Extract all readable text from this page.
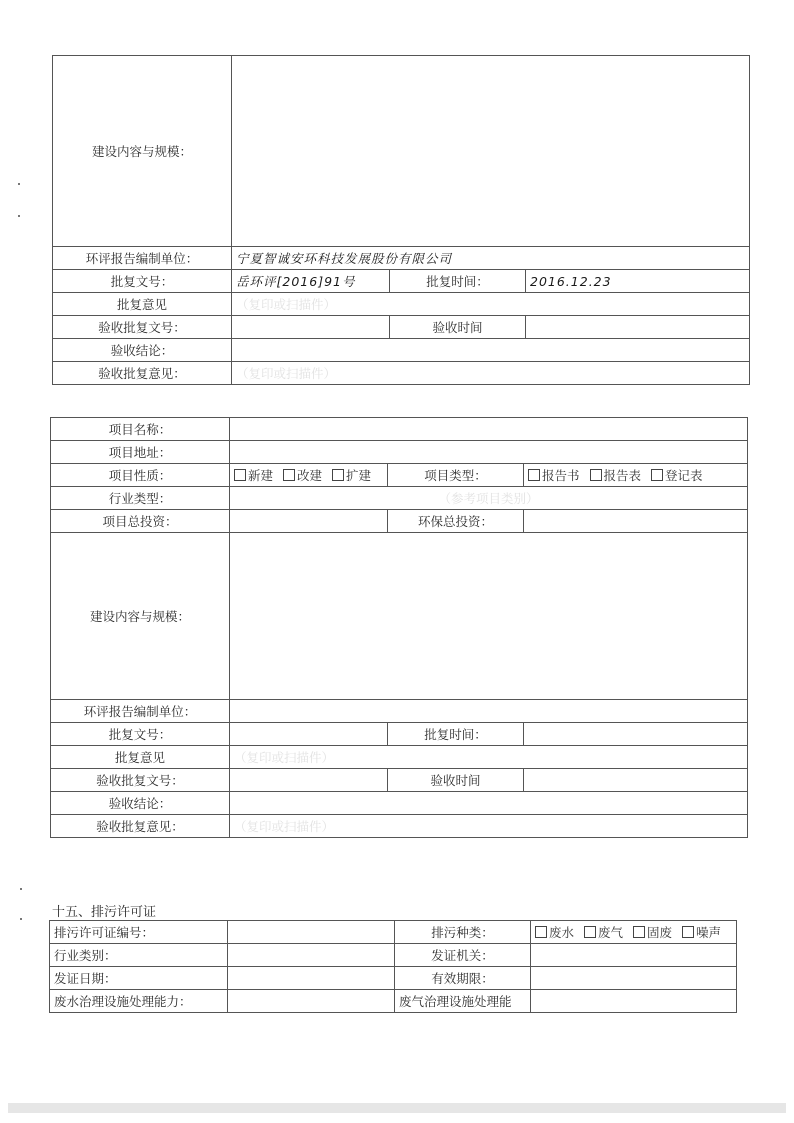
建设内容与规模：			
环评报告编制单位：	宁夏智诚安环科技发展股份有限公司		
批复文号：	岳环评[2016]91号	批复时间：	2016.12.23
批复意见	（复印或扫描件）		
验收批复文号：		验收时间	
验收结论：			
验收批复意见：	（复印或扫描件）		
项目名称：			
项目地址：			
项目性质：	新建 改建 扩建	项目类型：	报告书 报告表 登记表
行业类型：	（参考项目类别）		
项目总投资：		环保总投资：	
建设内容与规模：			
环评报告编制单位：			
批复文号：		批复时间：	
批复意见	（复印或扫描件）		
验收批复文号：		验收时间	
验收结论：			
验收批复意见：	（复印或扫描件）		
十五、排污许可证
排污许可证编号：		排污种类：	废水 废气 固废 噪声
行业类别：		发证机关：	
发证日期：		有效期限：	
废水治理设施处理能力：		废气治理设施处理能	
